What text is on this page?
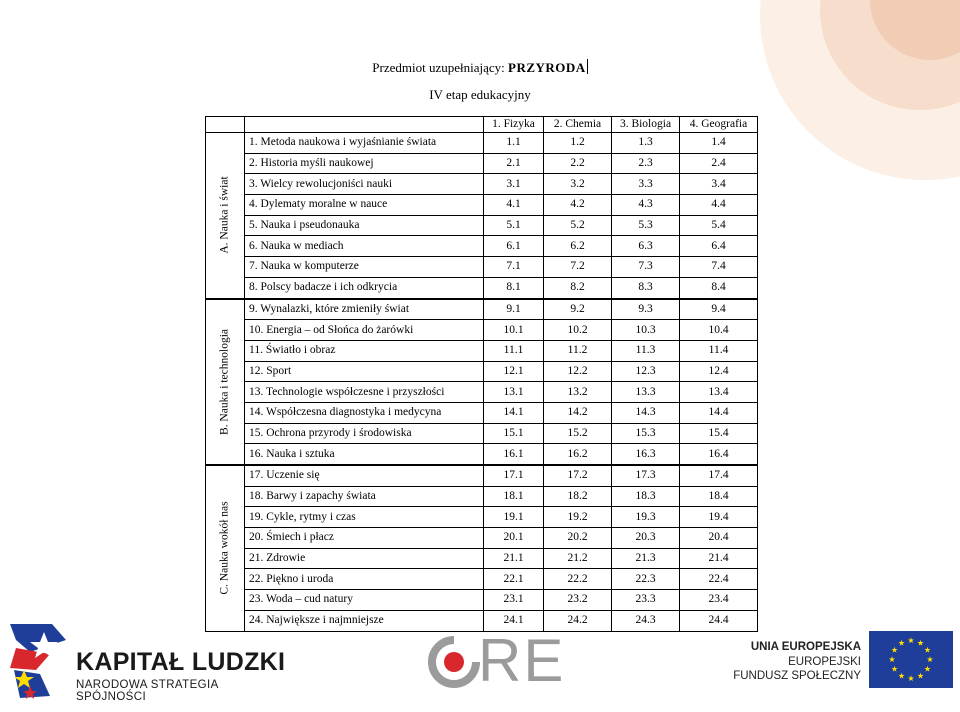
Przedmiot uzupełniający: PRZYRODA
IV etap edukacyjny
		1. Fizyka	2. Chemia	3. Biologia	4. Geografia

A. Nauka i świat	1. Metoda naukowa i wyjaśnianie świata	1.1	1.2	1.3	1.4
	2. Historia myśli naukowej	2.1	2.2	2.3	2.4
	3. Wielcy rewolucjoniści nauki	3.1	3.2	3.3	3.4
	4. Dylematy moralne w nauce	4.1	4.2	4.3	4.4
	5. Nauka i pseudonauka	5.1	5.2	5.3	5.4
	6. Nauka w mediach	6.1	6.2	6.3	6.4
	7. Nauka w komputerze	7.1	7.2	7.3	7.4
	8. Polscy badacze i ich odkrycia	8.1	8.2	8.3	8.4

B. Nauka i technologia	9. Wynalazki, które zmieniły świat	9.1	9.2	9.3	9.4
	10. Energia – od Słońca do żarówki	10.1	10.2	10.3	10.4
	11. Światło i obraz	11.1	11.2	11.3	11.4
	12. Sport	12.1	12.2	12.3	12.4
	13. Technologie współczesne i przyszłości	13.1	13.2	13.3	13.4
	14. Współczesna diagnostyka i medycyna	14.1	14.2	14.3	14.4
	15. Ochrona przyrody i środowiska	15.1	15.2	15.3	15.4
	16. Nauka i sztuka	16.1	16.2	16.3	16.4

C. Nauka wokół nas	17. Uczenie się	17.1	17.2	17.3	17.4
	18. Barwy i zapachy świata	18.1	18.2	18.3	18.4
	19. Cykle, rytmy i czas	19.1	19.2	19.3	19.4
	20. Śmiech i płacz	20.1	20.2	20.3	20.4
	21. Zdrowie	21.1	21.2	21.3	21.4
	22. Piękno i uroda	22.1	22.2	22.3	22.4
	23. Woda – cud natury	23.1	23.2	23.3	23.4
	24. Największe i najmniejsze	24.1	24.2	24.3	24.4
KAPITAŁ LUDZKI
NARODOWA STRATEGIA SPÓJNOŚCI
RE	UNIA EUROPEJSKA
EUROPEJSKI
FUNDUSZ SPOŁECZNY
